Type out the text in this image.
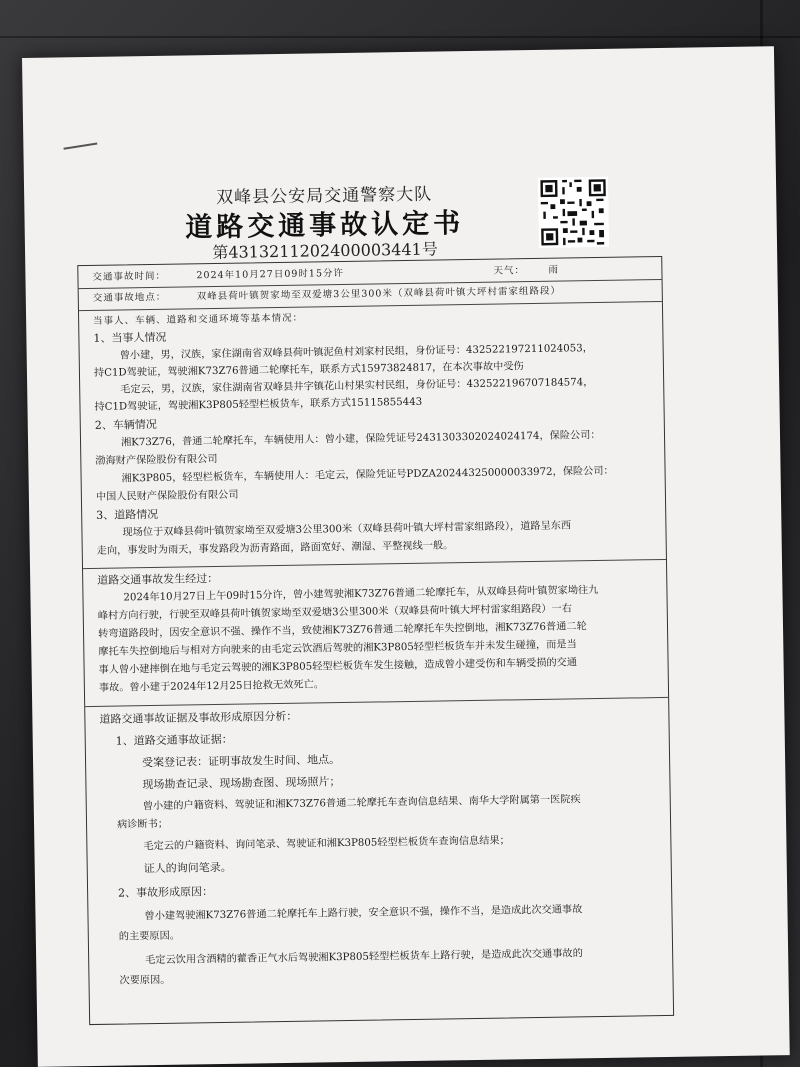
双峰县公安局交通警察大队
道路交通事故认定书
第4313211202400003441号
交通事故时间：	2024年10月27日09时15分许	天气： 雨
交通事故地点：	双峰县荷叶镇贺家坳至双爱塘3公里300米（双峰县荷叶镇大坪村雷家组路段）
当事人、车辆、道路和交通环境等基本情况：
1、当事人情况
曾小建，男，汉族，家住湖南省双峰县荷叶镇泥鱼村刘家村民组，身份证号：432522197211024053，
持C1D驾驶证，驾驶湘K73Z76普通二轮摩托车，联系方式15973824817，在本次事故中受伤
毛定云，男，汉族，家住湖南省双峰县井字镇花山村果实村民组，身份证号：432522196707184574，
持C1D驾驶证，驾驶湘K3P805轻型栏板货车，联系方式15115855443
2、车辆情况
湘K73Z76，普通二轮摩托车，车辆使用人：曾小建，保险凭证号2431303302024024174，保险公司：
渤海财产保险股份有限公司
湘K3P805，轻型栏板货车，车辆使用人：毛定云，保险凭证号PDZA202443250000033972，保险公司：
中国人民财产保险股份有限公司
3、道路情况
现场位于双峰县荷叶镇贺家坳至双爱塘3公里300米（双峰县荷叶镇大坪村雷家组路段），道路呈东西
走向，事发时为雨天，事发路段为沥青路面，路面宽好、潮湿、平整视线一般。
道路交通事故发生经过：
2024年10月27日上午09时15分许，曾小建驾驶湘K73Z76普通二轮摩托车，从双峰县荷叶镇贺家坳往九
峰村方向行驶，行驶至双峰县荷叶镇贺家坳至双爱塘3公里300米（双峰县荷叶镇大坪村雷家组路段）一右
转弯道路段时，因安全意识不强、操作不当，致使湘K73Z76普通二轮摩托车失控倒地，湘K73Z76普通二轮
摩托车失控倒地后与相对方向驶来的由毛定云饮酒后驾驶的湘K3P805轻型栏板货车并未发生碰撞，而是当
事人曾小建摔倒在地与毛定云驾驶的湘K3P805轻型栏板货车发生接触，造成曾小建受伤和车辆受损的交通
事故。曾小建于2024年12月25日抢救无效死亡。
道路交通事故证据及事故形成原因分析：
1、道路交通事故证据：
受案登记表：证明事故发生时间、地点。
现场勘查记录、现场勘查图、现场照片；
曾小建的户籍资料、驾驶证和湘K73Z76普通二轮摩托车查询信息结果、南华大学附属第一医院疾
病诊断书；
毛定云的户籍资料、询问笔录、驾驶证和湘K3P805轻型栏板货车查询信息结果；
证人的询问笔录。
2、事故形成原因：
曾小建驾驶湘K73Z76普通二轮摩托车上路行驶，安全意识不强，操作不当，是造成此次交通事故
的主要原因。
毛定云饮用含酒精的藿香正气水后驾驶湘K3P805轻型栏板货车上路行驶，是造成此次交通事故的
次要原因。
